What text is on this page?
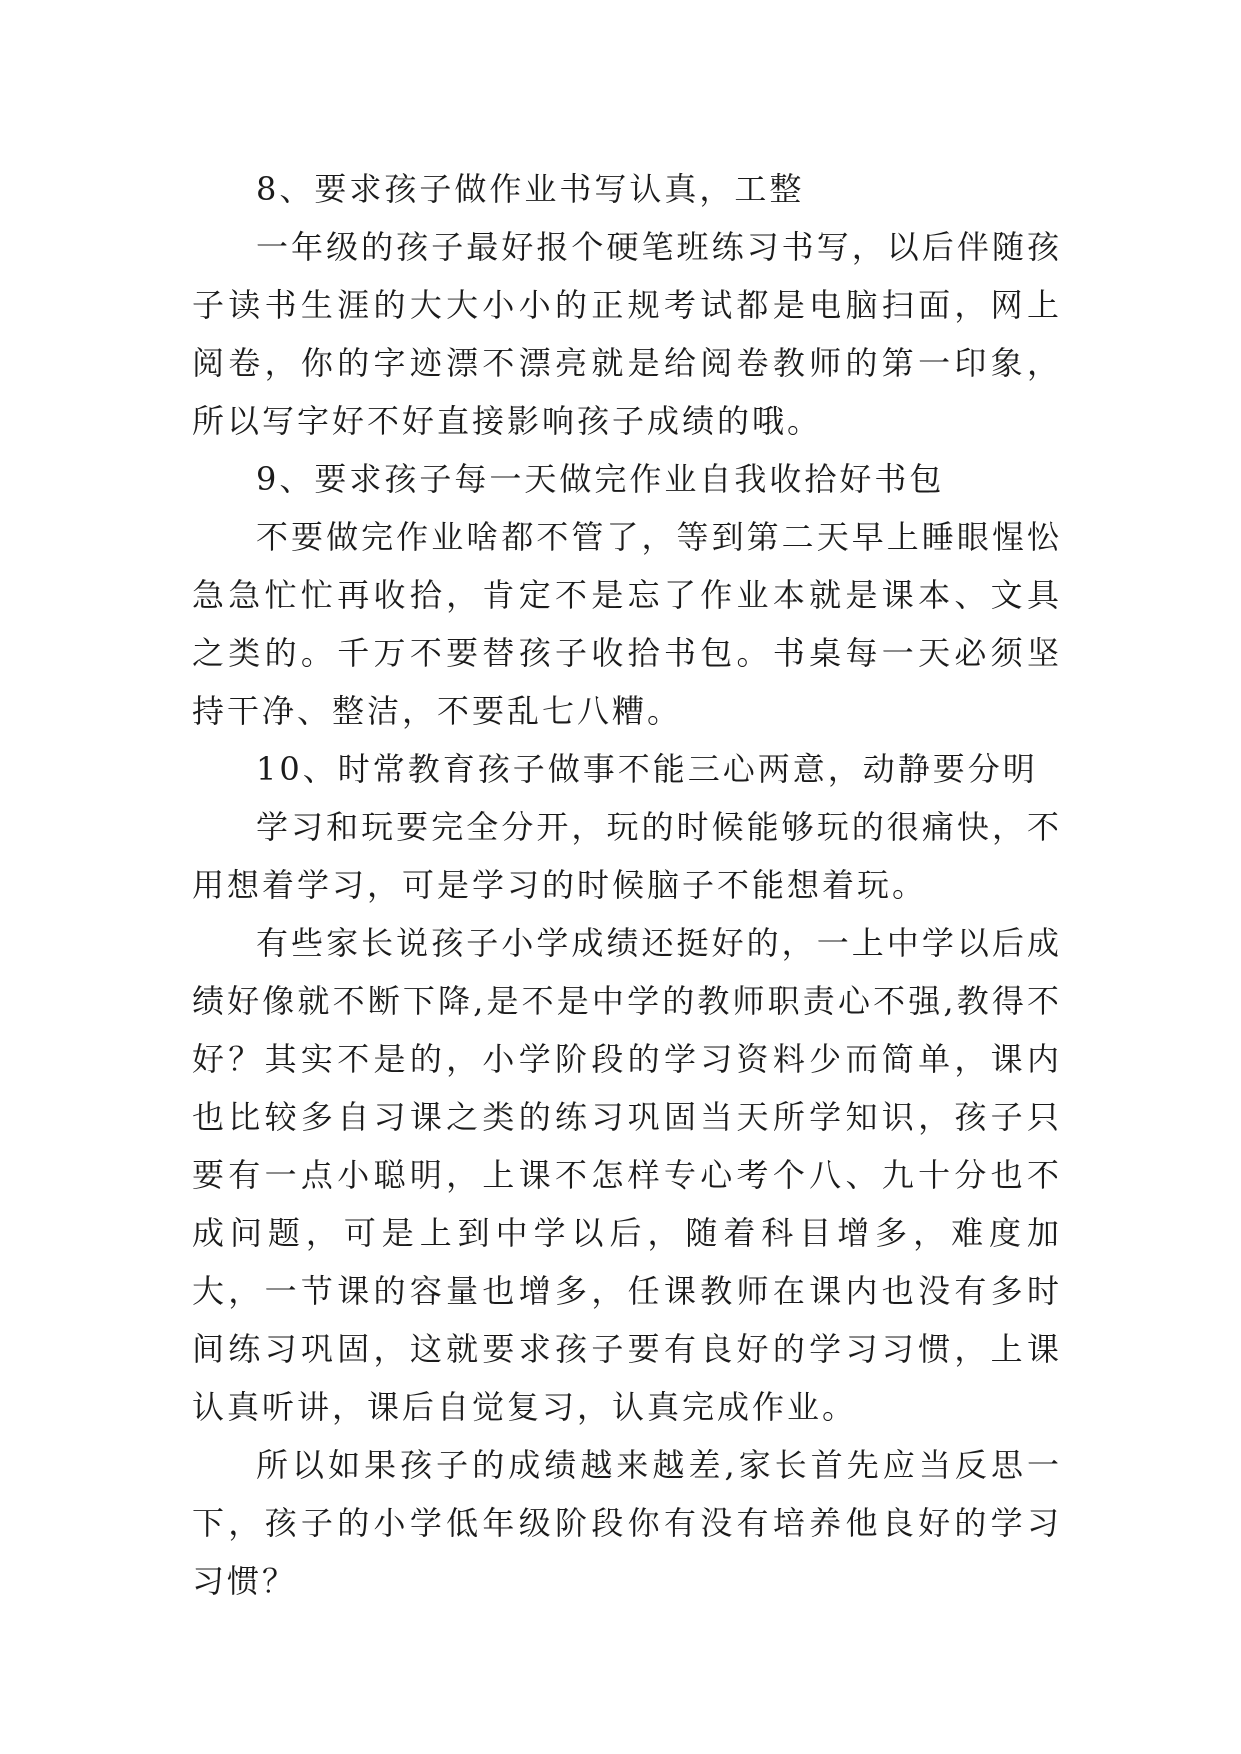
8、要求孩子做作业书写认真，工整

一年级的孩子最好报个硬笔班练习书写，以后伴随孩子读书生涯的大大小小的正规考试都是电脑扫面，网上阅卷，你的字迹漂不漂亮就是给阅卷教师的第一印象，所以写字好不好直接影响孩子成绩的哦。

9、要求孩子每一天做完作业自我收拾好书包

不要做完作业啥都不管了，等到第二天早上睡眼惺忪急急忙忙再收拾，肯定不是忘了作业本就是课本、文具之类的。千万不要替孩子收拾书包。书桌每一天必须坚持干净、整洁，不要乱七八糟。

10、时常教育孩子做事不能三心两意，动静要分明

学习和玩要完全分开，玩的时候能够玩的很痛快，不用想着学习，可是学习的时候脑子不能想着玩。

有些家长说孩子小学成绩还挺好的，一上中学以后成绩好像就不断下降,是不是中学的教师职责心不强,教得不好？其实不是的，小学阶段的学习资料少而简单，课内也比较多自习课之类的练习巩固当天所学知识，孩子只要有一点小聪明，上课不怎样专心考个八、九十分也不成问题，可是上到中学以后，随着科目增多，难度加大，一节课的容量也增多，任课教师在课内也没有多时间练习巩固，这就要求孩子要有良好的学习习惯，上课认真听讲，课后自觉复习，认真完成作业。

所以如果孩子的成绩越来越差,家长首先应当反思一下，孩子的小学低年级阶段你有没有培养他良好的学习习惯？
